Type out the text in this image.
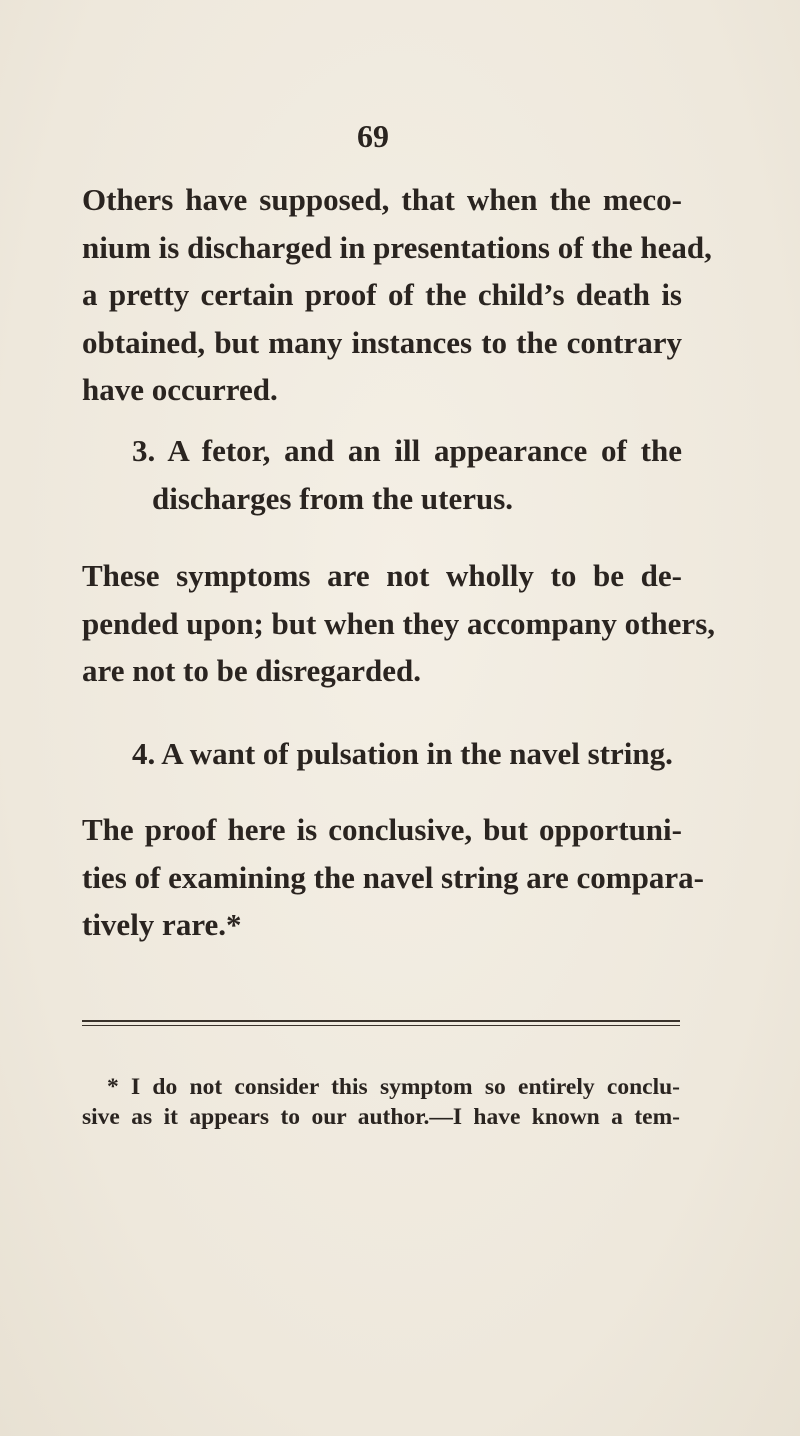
69
Others have supposed, that when the meco-
nium is discharged in presentations of the head,
a pretty certain proof of the child’s death is
obtained, but many instances to the contrary
have occurred.
3. A fetor, and an ill appearance of the
discharges from the uterus.
These symptoms are not wholly to be de-
pended upon; but when they accompany others,
are not to be disregarded.
4. A want of pulsation in the navel string.
The proof here is conclusive, but opportuni-
ties of examining the navel string are compara-
tively rare.*
* I do not consider this symptom so entirely conclu-
sive as it appears to our author.—I have known a tem-
